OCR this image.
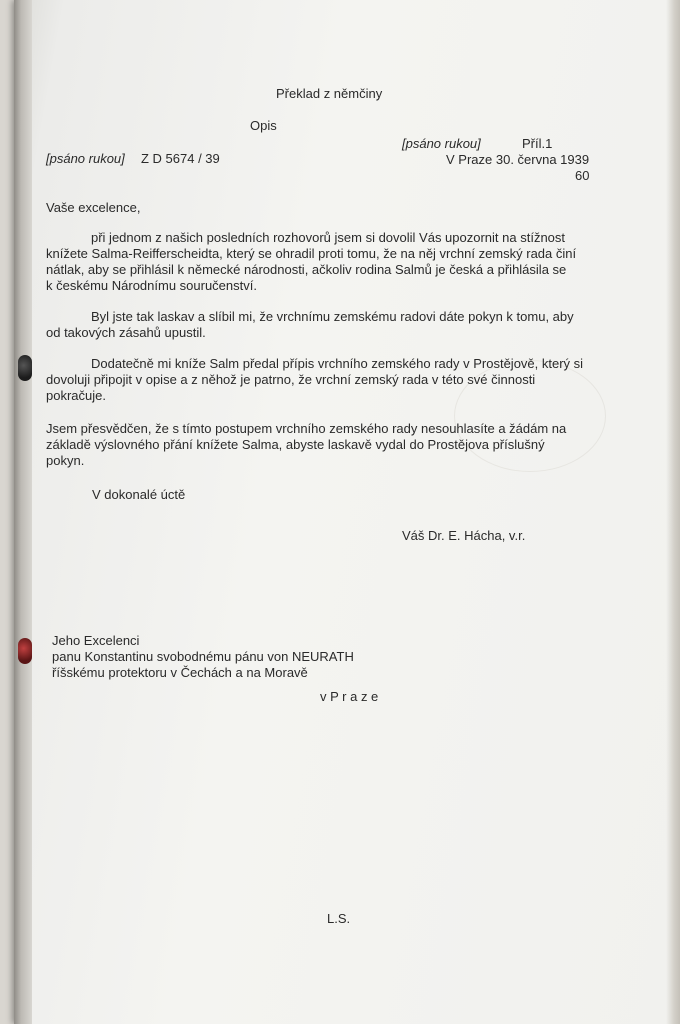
Překlad z němčiny
Opis
[psáno rukou]	Příl.1
[psáno rukou] Z D 5674 / 39	V Praze 30. června 1939
60
Vaše excelence,
při jednom z našich posledních rozhovorů jsem si dovolil Vás upozornit na stížnost
knížete Salma-Reifferscheidta, který se ohradil proti tomu, že na něj vrchní zemský rada činí
nátlak, aby se přihlásil k německé národnosti, ačkoliv rodina Salmů je česká a přihlásila se
k českému Národnímu souručenství.
Byl jste tak laskav a slíbil mi, že vrchnímu zemskému radovi dáte pokyn k tomu, aby
od takových zásahů upustil.
Dodatečně mi kníže Salm předal přípis vrchního zemského rady v Prostějově, který si
dovoluji připojit v opise a z něhož je patrno, že vrchní zemský rada v této své činnosti
pokračuje.
Jsem přesvědčen, že s tímto postupem vrchního zemského rady nesouhlasíte a žádám na
základě výslovného přání knížete Salma, abyste laskavě vydal do Prostějova příslušný
pokyn.
V dokonalé úctě
Váš Dr. E. Hácha, v.r.
Jeho Excelenci
panu Konstantinu svobodnému pánu von NEURATH
říšskému protektoru v Čechách a na Moravě
v P r a z e
L.S.
